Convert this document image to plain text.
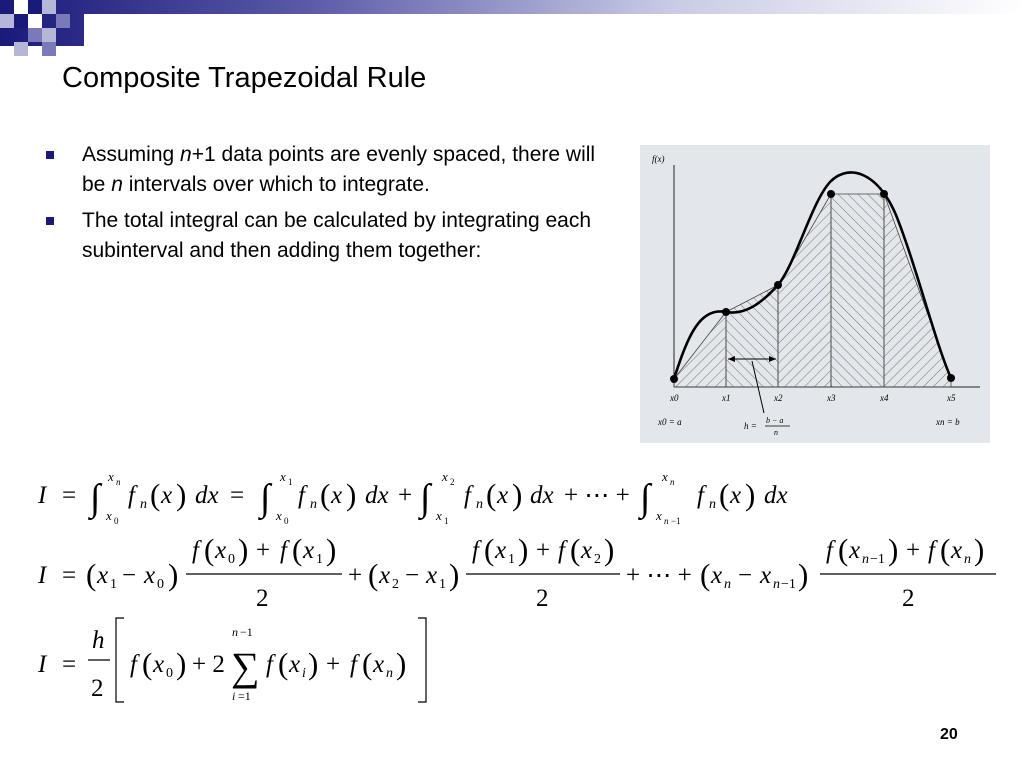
Composite Trapezoidal Rule
Assuming n+1 data points are evenly spaced, there will be n intervals over which to integrate.
The total integral can be calculated by integrating each subinterval and then adding them together:
f(x)
x0	x1	x2	x3	x4	x5
x0 = a	xn = b
h =
b − a
n
I = ∫
x n
x 0
f n ( x ) dx = ∫
x 1
x 0
f n ( x ) dx + ∫
x 2
x 1
f n ( x ) dx + ⋯ + ∫
x n
x n −1
f n ( x ) dx
I = ( x 1 − x 0 )
f ( x 0 ) + f ( x 1 )
2
+ ( x 2 − x 1 )
f ( x 1 ) + f ( x 2 )
2
+ ⋯ + ( x n − x n −1 )
f ( x n −1 ) + f ( x n )
2
I =
h
2
f ( x 0 ) + 2 ∑
n −1
i =1
f ( x i ) + f ( x n )
20
